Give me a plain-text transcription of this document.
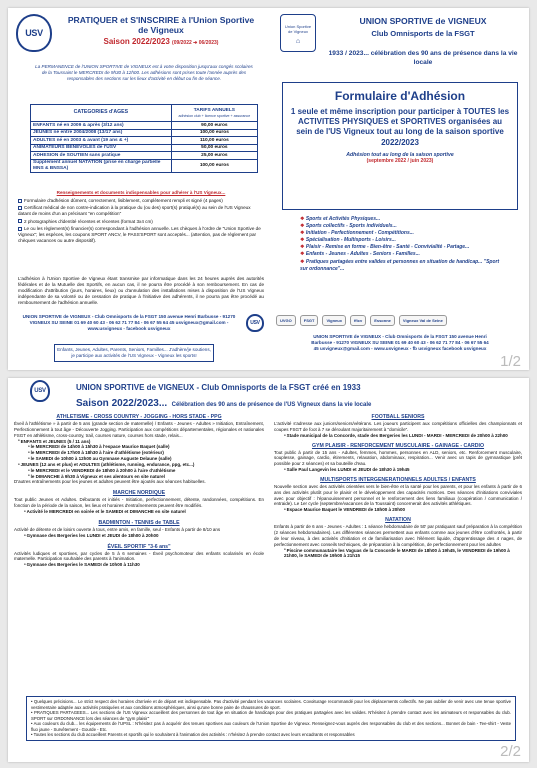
USV
PRATIQUER et S'INSCRIRE à l'Union Sportive de Vigneux
Saison 2022/2023 (09/2022 ➔ 06/2023)
La PERMANENCE de l'UNION SPORTIVE de VIGNEUX est à votre disposition jusqu'aux congés scolaires de la Toussaint le MERCREDI de 9h30 à 12h00. Les adhésions sont prises toute l'année auprès des responsables des sections sur les lieux d'activité en début ou fin de séance.
CATEGORIES d'AGES	TARIFS ANNUELS
adhésion club + licence sportive + assurance

ENFANTS né en 2009 & après (3/12 ans)	90,00 euros
JEUNES né entre 2004/2008 (13/17 ans)	100,00 euros
ADULTES né en 2003 & avant (19 ans & +)	110,00 euros
ANIMATEURS BENEVOLES de l'USV	50,00 euros
ADHESION de SOUTIEN sans pratique	25,00 euros
Supplément annuel NATATION (prise en charge partielle MNS & BNSSA)	100,00 euros
Renseignements et documents indispensables pour adhérer à l'US Vigneux...
Formulaire d'adhésion dûment, correctement, lisiblement, complètement rempli et signé (4 pages)
Certificat médical de non contre-indication à la pratique du (ou des) sport(s) pratiqué(s) au sein de l'US Vigneux datant de moins d'un an précisant "en compétition"
2 photographies d'identité récentes et récentes (format 3x4 cm)
Le ou les règlement(s) financier(s) correspondant à l'adhésion annuelle. Les chèques à l'ordre de "Union Sportive de Vigneux"; les espèces, les coupons SPORT ANCV, le PASS'SPORT sont acceptés... (attention, pas de règlement par chèques vacances ou autre dispositif).
L'adhésion à l'Union Sportive de Vigneux étant transmise par informatique dans les 24 heures auprès des autorités fédérales et de la Mutuelle des Sportifs, en aucun cas, il ne pourra être procédé à son remboursement. En cas de modification d'attribution (jours, horaires, lieux) ou d'annulation des installations mises à disposition de l'US Vigneux indépendante de sa volonté ou de cessation de pratique à l'initiative des adhérents, il ne pourra pas être procédé au remboursement de l'adhésion annuelle.
UNION SPORTIVE de VIGNEUX - Club Omnisports de la FSGT 150 avenue Henri Barbusse - 91270 VIGNEUX SU SEINE 01 69 40 60 43 - 06 62 71 77 84 - 06 67 55 64 45 usvigneux@gmail.com - www.usvigneux - facebook usvigneux
USV
Enfants, Jeunes, Adultes, Parents, Seniors, Familles... J'adhère/je soutiens, je participe aux activités de l'US Vigneux - Vigneux les sports!
Union Sportive de Vigneux
⌂
UNION SPORTIVE de VIGNEUX
Club Omnisports de la FSGT
1933 / 2023... célébration des 90 ans de présence dans la vie locale
Formulaire d'Adhésion
1 seule et même inscription pour participer à TOUTES les ACTIVITES PHYSIQUES et SPORTIVES organisées au sein de l'US Vigneux tout au long de la saison sportive 2022/2023
Adhésion tout au long de la saison sportive
(septembre 2022 / juin 2023)
❖ Sports et Activités Physiques...
❖ Sports collectifs - Sports individuels...
❖ Initiation - Perfectionnement - Compétitions...
❖ Spécialisation - Multisports - Loisirs...
❖ Plaisir - Remise en forme - Bien-être - Santé - Convivialité - Partage...
❖ Enfants - Jeunes - Adultes - Seniors - Familles...
❖ Pratiques partagées entre valides et personnes en situation de handicap... "Sport sur ordonnance"...
UVGO	FSGT	Vigneux	fficv	Essonne	Vigneux Val de Seine
UNION SPORTIVE de VIGNEUX - Club Omnisports de la FSGT 150 avenue Henri Barbusse - 91270 VIGNEUX SU SEINE 01 69 40 60 43 - 06 62 71 77 84 - 06 67 55 64 45 usvigneux@gmail.com - www.usvigneux - fb usvigneux facebook usvigneux
1/2
USV	UNION SPORTIVE de VIGNEUX - Club Omnisports de la FSGT créé en 1933
Saison 2022/2023... Célébration des 90 ans de présence de l'US Vigneux dans la vie locale
ATHLETISME - CROSS COUNTRY - JOGGING - HORS STADE - PPG
Éveil à l'athlétisme » à partir de 5 ans (grande section de maternelle) / Enfants - Jeunes - Adultes » Initiation, Entraînement, Perfectionnement à tout âge - Découverte Jogging. Participation aux compétitions départementales, régionales et nationales FSGT en athlétisme, cross-country, trail, courses nature, courses hors stade, relais...
● ENFANTS et JEUNES (5 / 11 ans)
● le MERCREDI de 14h00 à 15h30 à l'espace Maurice Baquet (salle)
● le MERCREDI de 17h00 à 18h30 à l'aire d'athlétisme (extérieur)
● le SAMEDI de 10h00 à 12h00 au Gymnase Auguste Delaune (salle)
● JEUNES (12 ans et plus) et ADULTES (athlétisme, running, endurance, ppg, etc...)
● le MERCREDI et le VENDREDI de 18h00 à 20h00 à l'aire d'athlétisme
● le DIMANCHE à 9h30 à Vigneux et ses alentours en site naturel
D'autres entraînements pour les jeunes et adultes peuvent être ajoutés aux séances habituelles.
MARCHE NORDIQUE
Tout public Jeunes et Adultes. Débutants et initiés - Initiation, perfectionnement, détente, randonnées, compétitions. En fonction de la période de la saison, les lieux et horaires d'entraînements peuvent être modifiés.
● Activité le MERCREDI en soirée et le SAMEDI et DIMANCHE en site naturel
BADMINTON - TENNIS de TABLE
Activité de détente et de loisirs ouverte à tous, entre amis, en famille, seul - Enfants à partir de 8/10 ans
● Gymnase des Bergeries les LUNDI et JEUDI de 18h00 à 20h00
ÉVEIL SPORTIF "3-6 ans"
Activités ludiques et sportives, par cycles de 5 à 6 semaines - Éveil psychomoteur des enfants scolarisés en école maternelle. Participation souhaitée des parents à l'animation.
● Gymnase des Bergeries le SAMEDI de 10h00 à 11h30
FOOTBALL SENIORS
L'activité s'adresse aux juniors/seniors/vétérans. Les joueurs participent aux compétitions officielles des championnats et coupes FSGT de foot à 7 se déroulant majoritairement à "domicile".
● Stade municipal de la Concorde, stade des Bergeries les LUNDI - MARDI - MERCREDI de 20h00 à 22h00
GYM PLAISIR - RENFORCEMENT MUSCULAIRE - GAINAGE - CARDIO
Tout public à partir de 15 ans - Adultes, femmes, hommes, personnes en ALD, seniors, etc. Renforcement musculaire, souplesse, gainage, cardio, étirements, relaxation, abdominaux, respiration... Venir avec un tapis de gymnastique (prêt possible pour 2 séances) et sa bouteille d'eau.
● Salle Paul Langevin les LUNDI et JEUDI de 18h30 à 19h45
MULTISPORTS INTERGENERATIONNELS ADULTES / ENFANTS
Nouvelle section avec des activités orientées vers le bien-être et la santé pour les parents, et pour les enfants à partir de 6 ans des activités plutôt pour le plaisir et le développement des capacités motrices. Des séances d'initiations conviviales avec pour objectif : l'épanouissement personnel et le renforcement des liens familiaux (coopération / communication / entraide). Le 1er cycle (septembre/vacances de la Toussaint) concernerait des activités athlétiques.
● Espace Maurice Baquet le VENDREDI de 18h00 à 20h00
NATATION
Enfants à partir de 6 ans - Jeunes - Adultes : 1 séance hebdomadaire de 50' par pratiquant sauf préparation à la compétition (2 séances hebdomadaires). Les différentes séances permettent aux enfants comme aux jeunes d'être confrontés, à partir de leur niveau, à des activités d'initiation et de familiarisation avec l'élément liquide, d'apprentissage des 4 nages, de perfectionnement avec conseils techniques, de préparation à la compétition, de perfectionnement pour les adultes
● Piscine communautaire les Vaguas de la Concorde le MARDI de 18h00 à 19h45, le VENDREDI de 19h00 à 21h00, le SAMEDI de 19h00 à 21h15
• Quelques précisions... Le strict respect des horaires d'arrivée et de départ est indispensable. Pas d'activité pendant les vacances scolaires. Covoiturage recommandé pour les déplacements collectifs. Ne pas oublier de venir avec une tenue sportive vestimentaire adaptée aux activités pratiquées et aux conditions atmosphériques, ainsi qu'une bonne paire de chaussures de sport.
• PRATIQUES PARTAGEES... Les sections de l'US Vigneux accueillent des personnes de tout âge en situation de handicaps pour des pratiques partagées avec les valides. N'hésitez à prendre contact avec les animateurs et responsables du club. SPORT sur ORDONNANCE lors des séances de "gym plaisir"
• Aux couleurs du club... les équipements de l'UPSL : N'hésitez pas à acquérir des tenues sportives aux couleurs de l'Union Sportive de Vigneux. Renseignez-vous auprès des responsables du club et des sections... Bonnet de bain - Tee-shirt - Veste fluo jaune - Survêtement - Gourde - Etc.
• Toutes les sections du club accueillent Parents et sportifs qui le souhaitent à l'animation des activités : n'hésitez à prendre contact avec leurs encadrants et responsables
2/2
